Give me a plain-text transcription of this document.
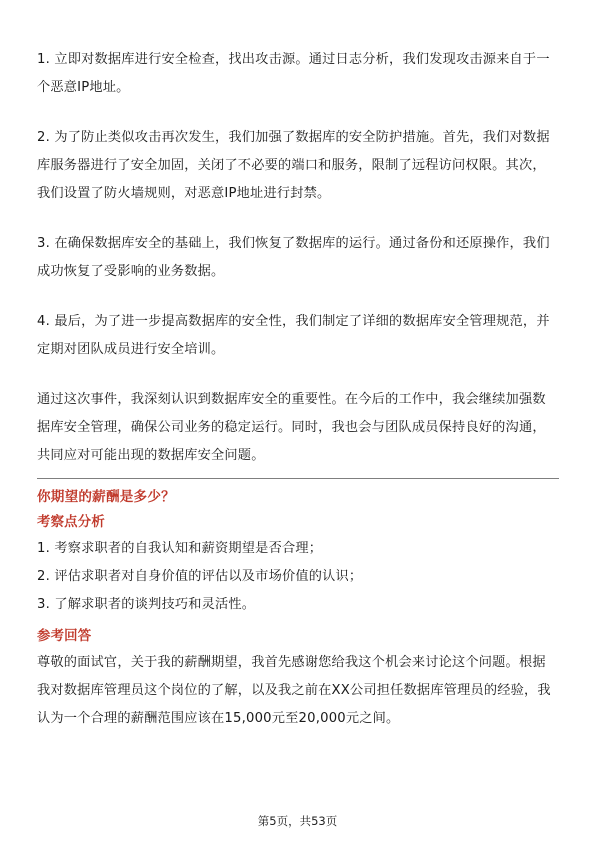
1. 立即对数据库进行安全检查，找出攻击源。通过日志分析，我们发现攻击源来自于一个恶意IP地址。

2. 为了防止类似攻击再次发生，我们加强了数据库的安全防护措施。首先，我们对数据库服务器进行了安全加固，关闭了不必要的端口和服务，限制了远程访问权限。其次，我们设置了防火墙规则，对恶意IP地址进行封禁。

3. 在确保数据库安全的基础上，我们恢复了数据库的运行。通过备份和还原操作，我们成功恢复了受影响的业务数据。

4. 最后，为了进一步提高数据库的安全性，我们制定了详细的数据库安全管理规范，并定期对团队成员进行安全培训。

通过这次事件，我深刻认识到数据库安全的重要性。在今后的工作中，我会继续加强数据库安全管理，确保公司业务的稳定运行。同时，我也会与团队成员保持良好的沟通，共同应对可能出现的数据库安全问题。

你期望的薪酬是多少？

考察点分析

1. 考察求职者的自我认知和薪资期望是否合理；

2. 评估求职者对自身价值的评估以及市场价值的认识；

3. 了解求职者的谈判技巧和灵活性。

参考回答

尊敬的面试官，关于我的薪酬期望，我首先感谢您给我这个机会来讨论这个问题。根据我对数据库管理员这个岗位的了解，以及我之前在XX公司担任数据库管理员的经验，我认为一个合理的薪酬范围应该在15,000元至20,000元之间。

第5页，共53页
